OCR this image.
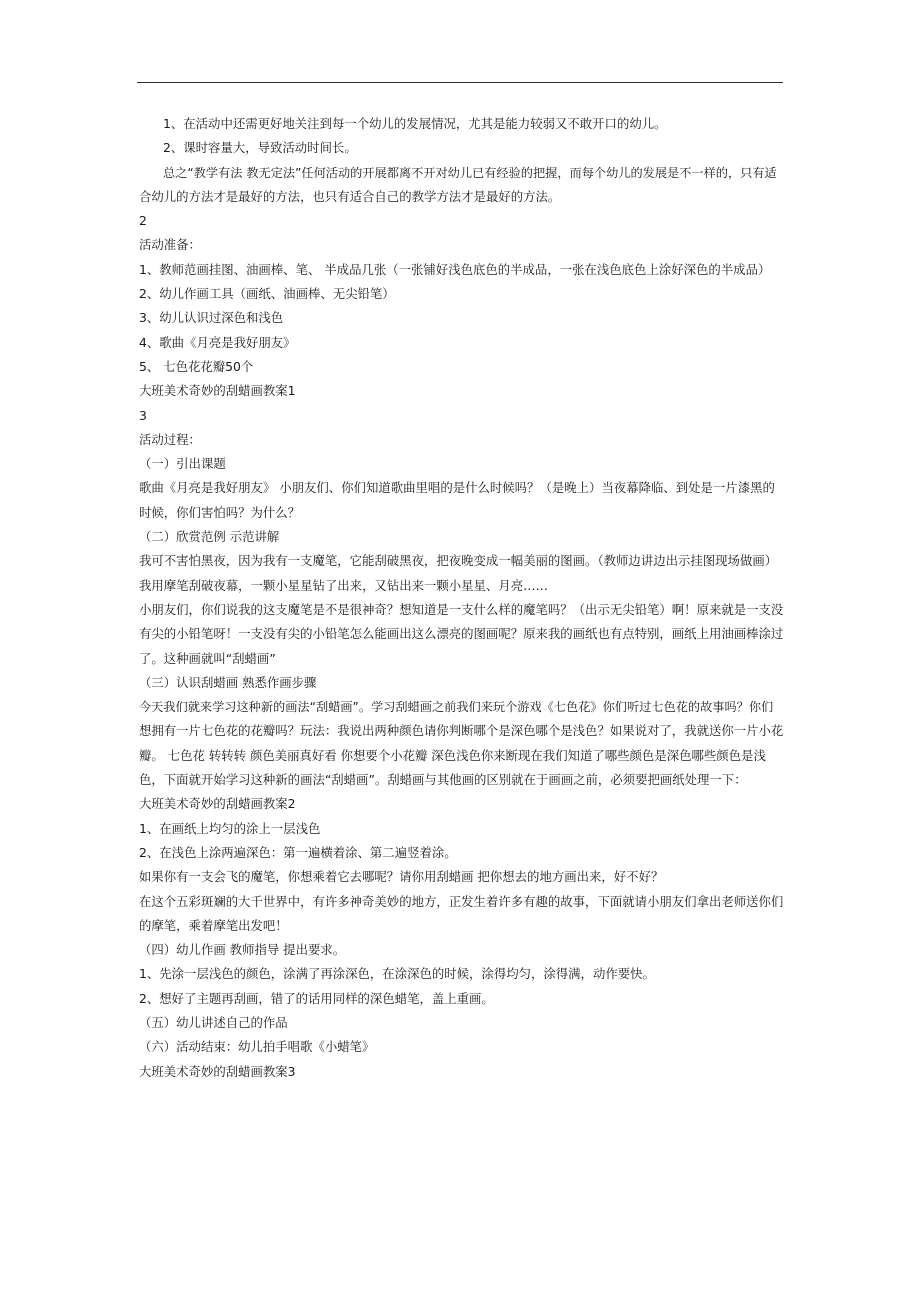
1、在活动中还需更好地关注到每一个幼儿的发展情况，尤其是能力较弱又不敢开口的幼儿。
2、课时容量大，导致活动时间长。
总之“教学有法 教无定法”任何活动的开展都离不开对幼儿已有经验的把握，而每个幼儿的发展是不一样的，只有适
合幼儿的方法才是最好的方法，也只有适合自己的教学方法才是最好的方法。
2
活动准备：
1、教师范画挂图、油画棒、笔、 半成品几张（一张铺好浅色底色的半成品，一张在浅色底色上涂好深色的半成品）
2、幼儿作画工具（画纸、油画棒、无尖铅笔）
3、幼儿认识过深色和浅色
4、歌曲《月亮是我好朋友》
5、 七色花花瓣50个
大班美术奇妙的刮蜡画教案1
3
活动过程：
（一）引出课题
歌曲《月亮是我好朋友》 小朋友们、你们知道歌曲里唱的是什么时候吗？（是晚上）当夜幕降临、到处是一片漆黑的
时候，你们害怕吗？为什么？
（二）欣赏范例 示范讲解
我可不害怕黑夜，因为我有一支魔笔，它能刮破黑夜，把夜晚变成一幅美丽的图画。（教师边讲边出示挂图现场做画）
我用摩笔刮破夜幕，一颗小星星钻了出来，又钻出来一颗小星星、月亮……
小朋友们，你们说我的这支魔笔是不是很神奇？想知道是一支什么样的魔笔吗？（出示无尖铅笔）啊！原来就是一支没
有尖的小铅笔呀！一支没有尖的小铅笔怎么能画出这么漂亮的图画呢？原来我的画纸也有点特别，画纸上用油画棒涂过
了。这种画就叫“刮蜡画”
（三）认识刮蜡画 熟悉作画步骤
今天我们就来学习这种新的画法“刮蜡画”。学习刮蜡画之前我们来玩个游戏《七色花》你们听过七色花的故事吗？你们
想拥有一片七色花的花瓣吗？玩法：我说出两种颜色请你判断哪个是深色哪个是浅色？如果说对了，我就送你一片小花
瓣。 七色花 转转转 颜色美丽真好看 你想要个小花瓣 深色浅色你来断现在我们知道了哪些颜色是深色哪些颜色是浅
色，下面就开始学习这种新的画法“刮蜡画”。刮蜡画与其他画的区别就在于画画之前，必须要把画纸处理一下：
大班美术奇妙的刮蜡画教案2
1、在画纸上均匀的涂上一层浅色
2、在浅色上涂两遍深色：第一遍横着涂、第二遍竖着涂。
如果你有一支会飞的魔笔，你想乘着它去哪呢？请你用刮蜡画 把你想去的地方画出来，好不好？
在这个五彩斑斓的大千世界中，有许多神奇美妙的地方，正发生着许多有趣的故事，下面就请小朋友们拿出老师送你们
的摩笔，乘着摩笔出发吧！
（四）幼儿作画 教师指导 提出要求。
1、先涂一层浅色的颜色，涂满了再涂深色，在涂深色的时候，涂得均匀，涂得满，动作要快。
2、想好了主题再刮画，错了的话用同样的深色蜡笔，盖上重画。
（五）幼儿讲述自己的作品
（六）活动结束：幼儿拍手唱歌《小蜡笔》
大班美术奇妙的刮蜡画教案3
